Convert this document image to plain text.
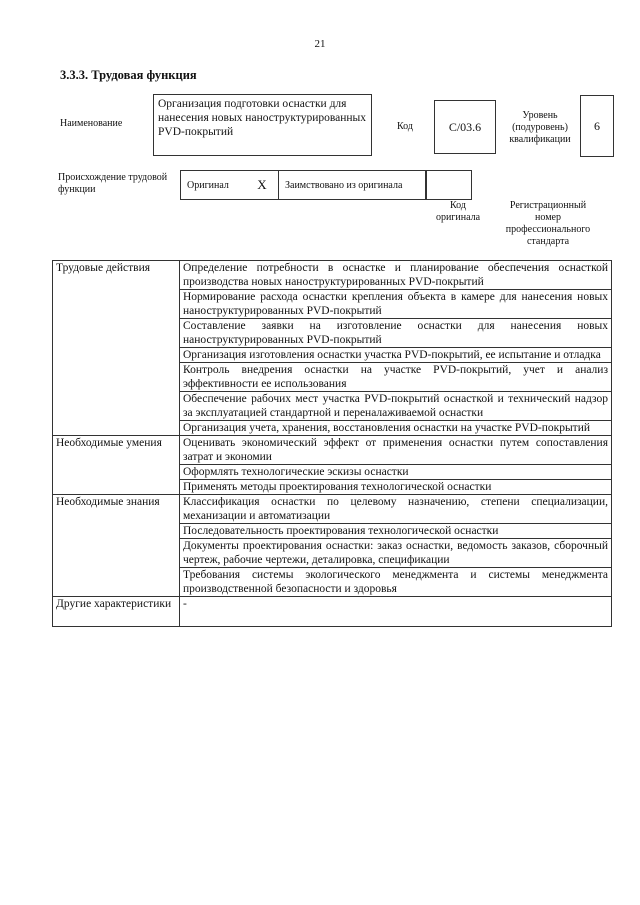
21
3.3.3. Трудовая функция
Наименование
Организация подготовки оснастки для нанесения новых наноструктурированных PVD-покрытий	Код	C/03.6
Уровень (подуровень) квалификации
6
Происхождение трудовой функции	Оригинал X Заимствовано из оригинала
Код оригинала
Регистрационный номер профессионального стандарта
Трудовые действия	Определение потребности в оснастке и планирование обеспечения оснасткой производства новых наноструктурированных PVD-покрытий
	Нормирование расхода оснастки крепления объекта в камере для нанесения новых наноструктурированных PVD-покрытий
	Составление заявки на изготовление оснастки для нанесения новых наноструктурированных PVD-покрытий
	Организация изготовления оснастки участка PVD-покрытий, ее испытание и отладка
	Контроль внедрения оснастки на участке PVD-покрытий, учет и анализ эффективности ее использования
	Обеспечение рабочих мест участка PVD-покрытий оснасткой и технический надзор за эксплуатацией стандартной и переналаживаемой оснастки
	Организация учета, хранения, восстановления оснастки на участке PVD-покрытий
Необходимые умения	Оценивать экономический эффект от применения оснастки путем сопоставления затрат и экономии
	Оформлять технологические эскизы оснастки
	Применять методы проектирования технологической оснастки
Необходимые знания	Классификация оснастки по целевому назначению, степени специализации, механизации и автоматизации
	Последовательность проектирования технологической оснастки
	Документы проектирования оснастки: заказ оснастки, ведомость заказов, сборочный чертеж, рабочие чертежи, деталировка, спецификации
	Требования системы экологического менеджмента и системы менеджмента производственной безопасности и здоровья
Другие характеристики	-
